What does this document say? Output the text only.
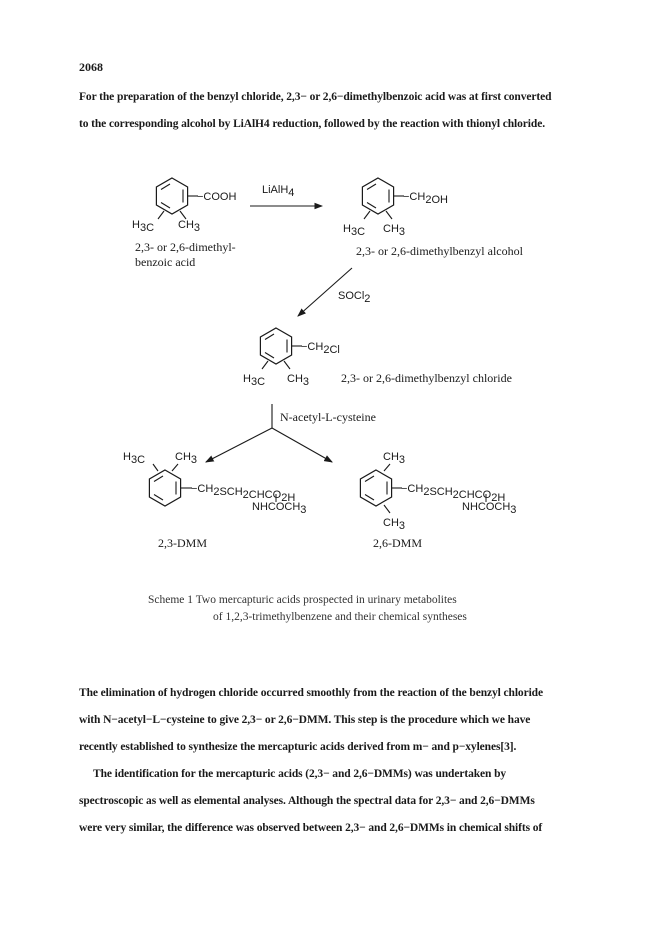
2068
For the preparation of the benzyl chloride, 2,3− or 2,6−dimethylbenzoic acid was at first converted
to the corresponding alcohol by LiAlH4 reduction, followed by the reaction with thionyl chloride.
−COOH
H3C CH3
2,3- or 2,6-dimethyl-
benzoic acid
LiAlH4	−CH2OH
H3C CH3
2,3- or 2,6-dimethylbenzyl alcohol
SOCl2
−CH2Cl
H3C CH3	2,3- or 2,6-dimethylbenzyl chloride
N-acetyl-L-cysteine
H3C	CH3
−CH2SCH2CHCO2H
NHCOCH3
2,3-DMM
CH3
−CH2SCH2CHCO2H
NHCOCH3
CH3
2,6-DMM
Scheme 1 Two mercapturic acids prospected in urinary metabolites
of 1,2,3-trimethylbenzene and their chemical syntheses
The elimination of hydrogen chloride occurred smoothly from the reaction of the benzyl chloride
with N−acetyl−L−cysteine to give 2,3− or 2,6−DMM. This step is the procedure which we have
recently established to synthesize the mercapturic acids derived from m− and p−xylenes[3].
The identification for the mercapturic acids (2,3− and 2,6−DMMs) was undertaken by
spectroscopic as well as elemental analyses. Although the spectral data for 2,3− and 2,6−DMMs
were very similar, the difference was observed between 2,3− and 2,6−DMMs in chemical shifts of
